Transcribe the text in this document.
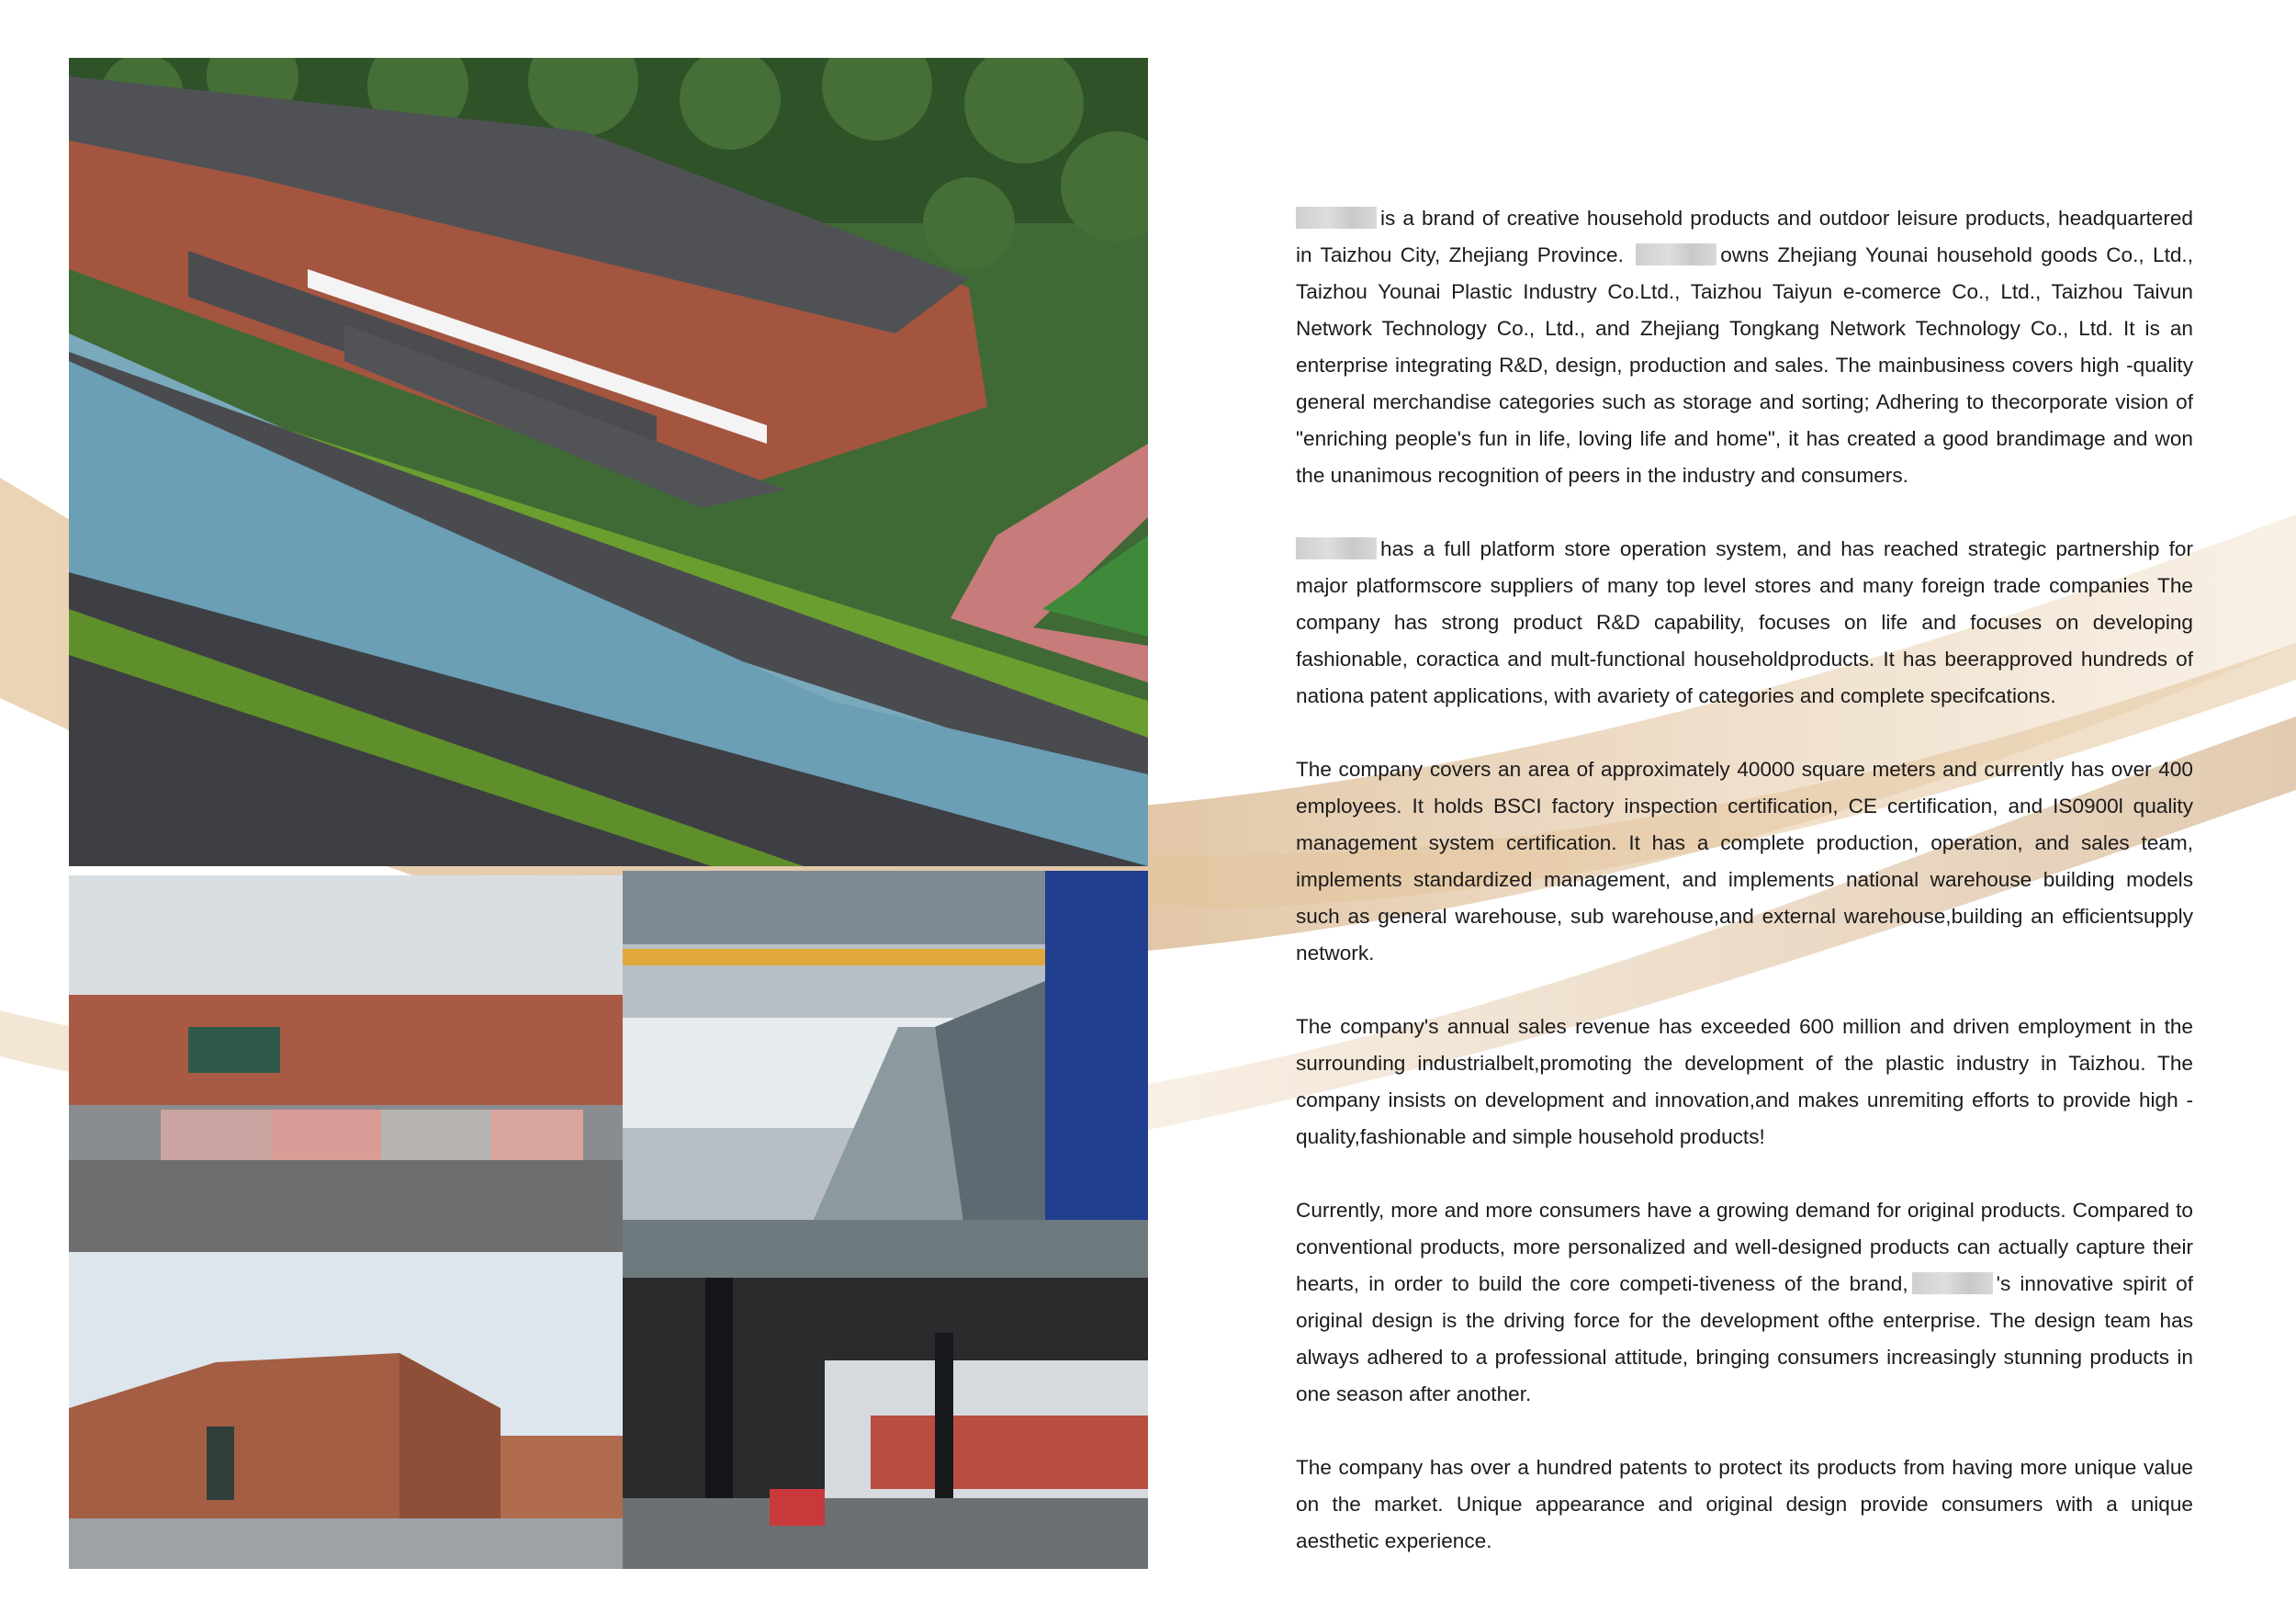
is a brand of creative household products and outdoor leisure products, headquartered in Taizhou City, Zhejiang Province.	owns Zhejiang Younai household goods Co., Ltd., Taizhou Younai Plastic Industry Co.Ltd., Taizhou Taiyun e-comerce Co., Ltd., Taizhou Taivun Network Technology Co., Ltd., and Zhejiang Tongkang Network Technology Co., Ltd. It is an enterprise integrating R&D, design, production and sales. The mainbusiness covers high -quality general merchandise categories such as storage and sorting; Adhering to thecorporate vision of "enriching people's fun in life, loving life and home", it has created a good brandimage and won the unanimous recognition of peers in the industry and consumers.

has a full platform store operation system, and has reached strategic partnership for major platformscore suppliers of many top level stores and many foreign trade companies The company has strong product R&D capability, focuses on life and focuses on developing fashionable, coractica and mult-functional householdproducts. It has beerapproved hundreds of nationa patent applications, with avariety of categories and complete specifcations.

The company covers an area of approximately 40000 square meters and currently has over 400 employees. It holds BSCI factory inspection certification, CE certification, and IS0900l quality management system certification. It has a complete production, operation, and sales team, implements standardized management, and implements national warehouse building models such as general warehouse, sub warehouse,and external warehouse,building an efficientsupply network.

The company's annual sales revenue has exceeded 600 million and driven employment in the surrounding industrialbelt,promoting the development of the plastic industry in Taizhou. The company insists on development and innovation,and makes unremiting efforts to provide high -quality,fashionable and simple household products!

Currently, more and more consumers have a growing demand for original products. Compared to conventional products, more personalized and well-designed products can actually capture their hearts, in order to build the core competi-tiveness of the brand,	's innovative spirit of original design is the driving force for the development ofthe enterprise. The design team has always adhered to a professional attitude, bringing consumers increasingly stunning products in one season after another.

The company has over a hundred patents to protect its products from having more unique value on the market. Unique appearance and original design provide consumers with a unique aesthetic experience.
